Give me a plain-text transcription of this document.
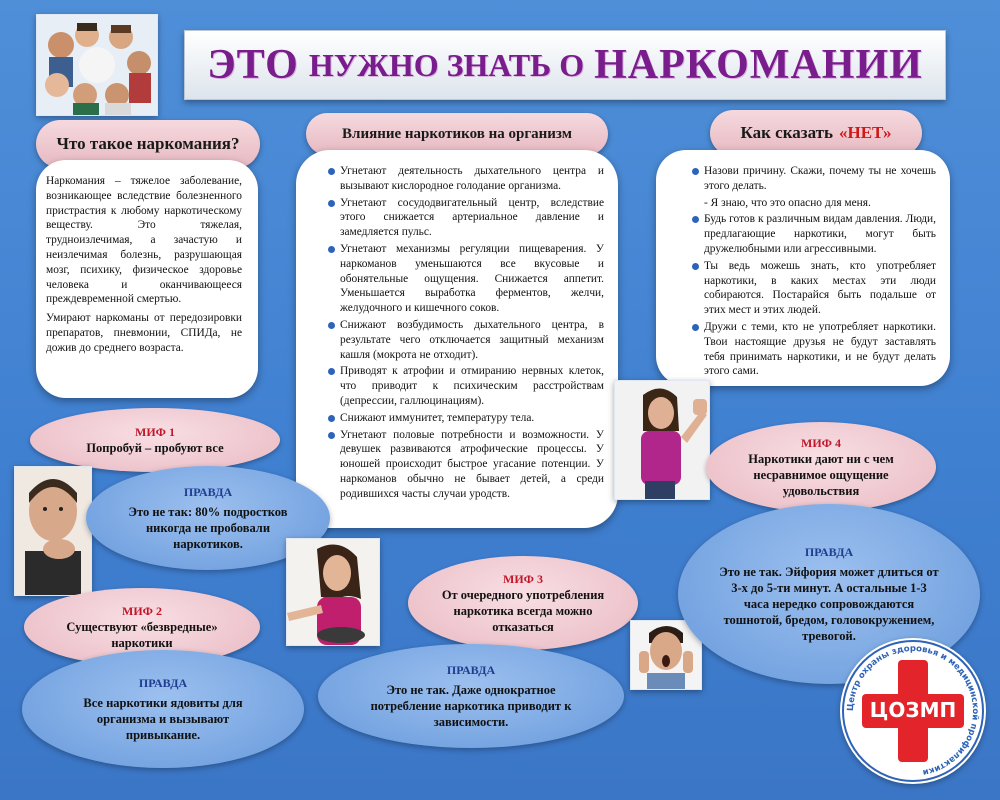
ЭТО НУЖНО ЗНАТЬ О НАРКОМАНИИ
Что такое наркомания?

Наркомания – тяжелое заболевание, возникающее вследствие болезненного пристрастия к любому наркотическому веществу. Это тяжелая, трудноизлечимая, а зачастую и неизлечимая болезнь, разрушающая мозг, психику, физическое здоровье человека и оканчивающееся преждевременной смертью.

Умирают наркоманы от передозировки препаратов, пневмонии, СПИДа, не дожив до среднего возраста.

Влияние наркотиков на организм
Угнетают деятельность дыхательного центра и вызывают кислородное голодание организма.
Угнетают сосудодвигательный центр, вследствие этого снижается артериальное давление и замедляется пульс.
Угнетают механизмы регуляции пищеварения. У наркоманов уменьшаются все вкусовые и обонятельные ощущения. Снижается аппетит. Уменьшается выработка ферментов, желчи, желудочного и кишечного соков.
Снижают возбудимость дыхательного центра, в результате чего отключается защитный механизм кашля (мокрота не отходит).
Приводят к атрофии и отмиранию нервных клеток, что приводит к психическим расстройствам (депрессии, галлюцинациям).
Снижают иммунитет, температуру тела.
Угнетают половые потребности и возможности. У девушек развиваются атрофические процессы. У юношей происходит быстрое угасание потенции. У наркоманов обычно не бывает детей, а среди родившихся часты случаи уродств.
Как сказать «НЕТ»
Назови причину. Скажи, почему ты не хочешь этого делать.
- Я знаю, что это опасно для меня.
Будь готов к различным видам давления. Люди, предлагающие наркотики, могут быть дружелюбными или агрессивными.
Ты ведь можешь знать, кто употребляет наркотики, в каких местах эти люди собираются. Постарайся быть подальше от этих мест и этих людей.
Дружи с теми, кто не употребляет наркотики. Твои настоящие друзья не будут заставлять тебя принимать наркотики, и не будут делать этого сами.
МИФ 1
Попробуй – пробуют все
ПРАВДА
Это не так: 80% подростков никогда не пробовали наркотиков.
МИФ 2
Существуют «безвредные» наркотики
ПРАВДА
Все наркотики ядовиты для организма и вызывают привыкание.
МИФ 3
От очередного употребления наркотика всегда можно отказаться
ПРАВДА
Это не так. Даже однократное потребление наркотика приводит к зависимости.
МИФ 4
Наркотики дают ни с чем несравнимое ощущение удовольствия
ПРАВДА
Это не так. Эйфория может длиться от 3-х до 5-ти минут. А остальные 1-3 часа нередко сопровождаются тошнотой, бредом, головокружением, тревогой.
Центр охраны здоровья и медицинской профилактики
ЦОЗМП
